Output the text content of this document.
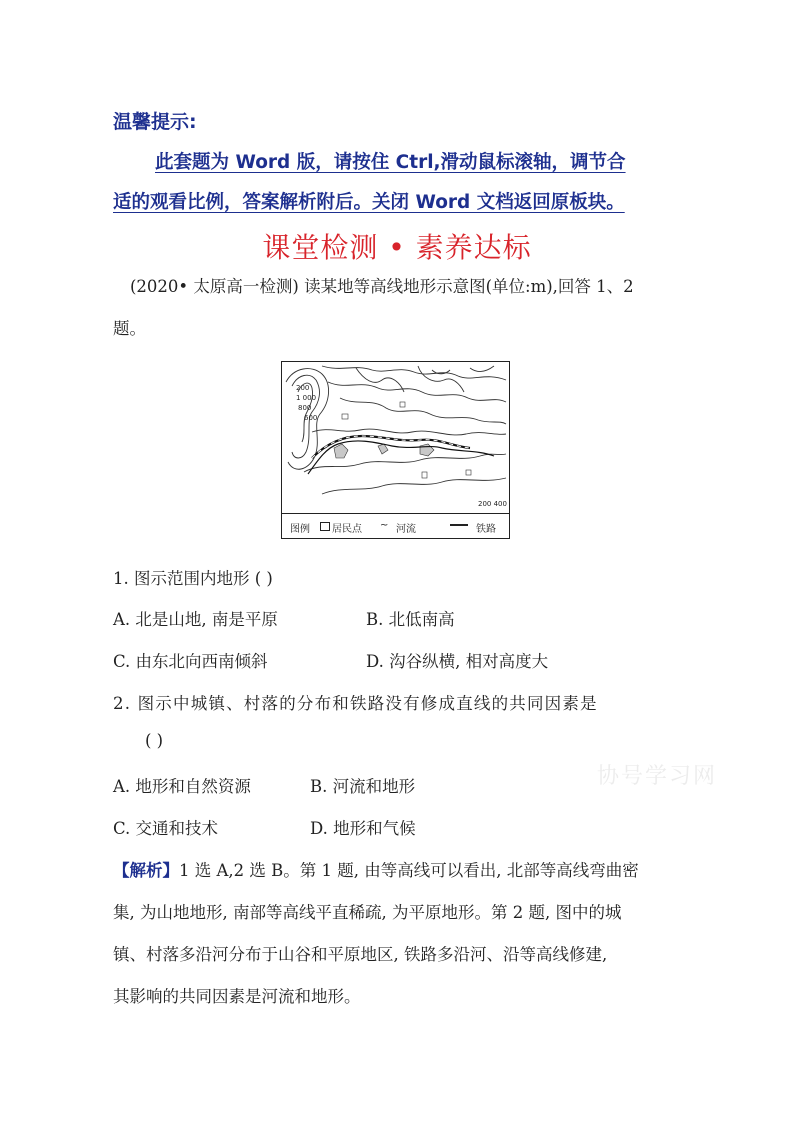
温馨提示:
此套题为 Word 版，请按住 Ctrl,滑动鼠标滚轴，调节合
适的观看比例，答案解析附后。关闭 Word 文档返回原板块。
课堂检测 • 素养达标
(2020• 太原高一检测) 读某地等高线地形示意图(单位:m),回答 1、2
题。
200
1 000
800
600
200 400
图例 居民点 ~ 河流	铁路
1. 图示范围内地形 ( )
A. 北是山地, 南是平原	B. 北低南高
C. 由东北向西南倾斜	D. 沟谷纵横, 相对高度大
2. 图示中城镇、村落的分布和铁路没有修成直线的共同因素是
( )
A. 地形和自然资源	B. 河流和地形
C. 交通和技术	D. 地形和气候
协号学习网
【解析】1 选 A,2 选 B。第 1 题, 由等高线可以看出, 北部等高线弯曲密
集, 为山地地形, 南部等高线平直稀疏, 为平原地形。第 2 题, 图中的城
镇、村落多沿河分布于山谷和平原地区, 铁路多沿河、沿等高线修建,
其影响的共同因素是河流和地形。
